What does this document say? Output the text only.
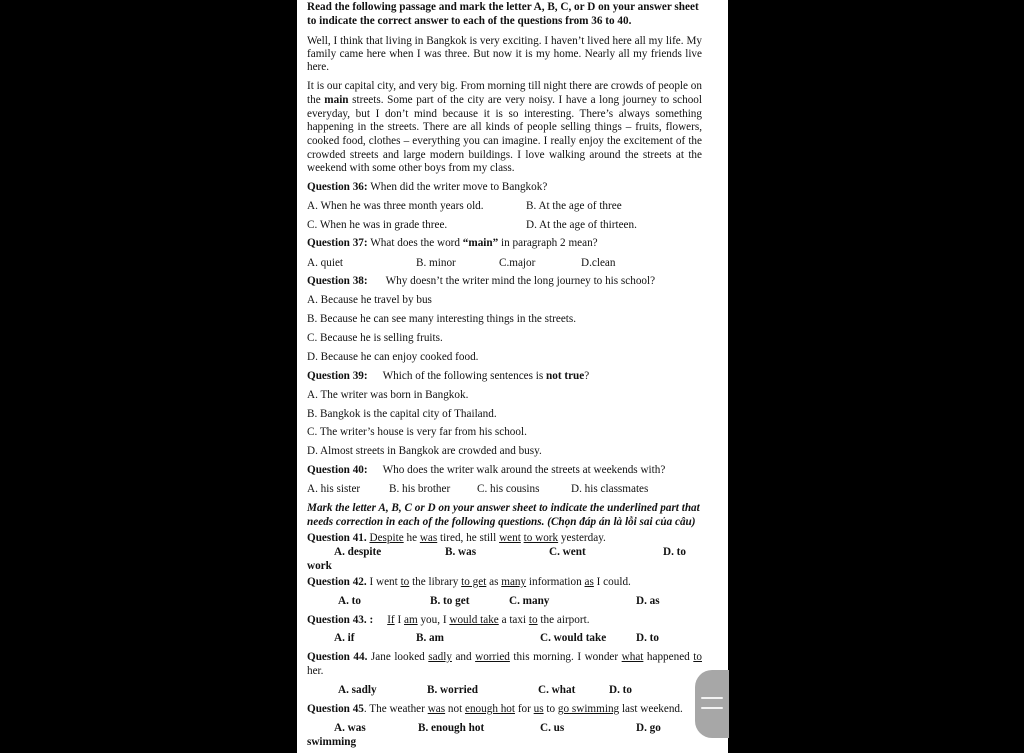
Read the following passage and mark the letter A, B, C, or D on your answer sheet
to indicate the correct answer to each of the questions from 36 to 40.
Well, I think that living in Bangkok is very exciting. I haven’t lived here all my life. My
family came here when I was three. But now it is my home. Nearly all my friends live
here.
It is our capital city, and very big. From morning till night there are crowds of people on
the main streets. Some part of the city are very noisy. I have a long journey to school
everyday, but I don’t mind because it is so interesting. There’s always something
happening in the streets. There are all kinds of people selling things – fruits, flowers,
cooked food, clothes – everything you can imagine. I really enjoy the excitement of the
crowded streets and large modern buildings. I love walking around the streets at the
weekend with some other boys from my class.
Question 36: When did the writer move to Bangkok?
A. When he was three month years old.	B. At the age of three
C. When he was in grade three.	D. At the age of thirteen.
Question 37: What does the word “main” in paragraph 2 mean?
A. quiet	B. minor	C.major	D.clean
Question 38: Why doesn’t the writer mind the long journey to his school?
A. Because he travel by bus
B. Because he can see many interesting things in the streets.
C. Because he is selling fruits.
D. Because he can enjoy cooked food.
Question 39: Which of the following sentences is not true?
A. The writer was born in Bangkok.
B. Bangkok is the capital city of Thailand.
C. The writer’s house is very far from his school.
D. Almost streets in Bangkok are crowded and busy.
Question 40: Who does the writer walk around the streets at weekends with?
A. his sister	B. his brother C. his cousins	D. his classmates
Mark the letter A, B, C or D on your answer sheet to indicate the underlined part that
needs correction in each of the following questions. (Chọn đáp án là lỗi sai của câu)
Question 41. Despite he was tired, he still went to work yesterday.
A. despite	B. was	C. went	D. to
work
Question 42. I went to the library to get as many information as I could.
A. to	B. to get	C. many	D. as
Question 43. : If I am you, I would take a taxi to the airport.
A. if	B. am	C. would take	D. to
Question 44. Jane looked sadly and worried this morning. I wonder what happened to
her.
A. sadly	B. worried	C. what	D. to
Question 45. The weather was not enough hot for us to go swimming last weekend.
A. was	B. enough hot	C. us	D. go
swimming
